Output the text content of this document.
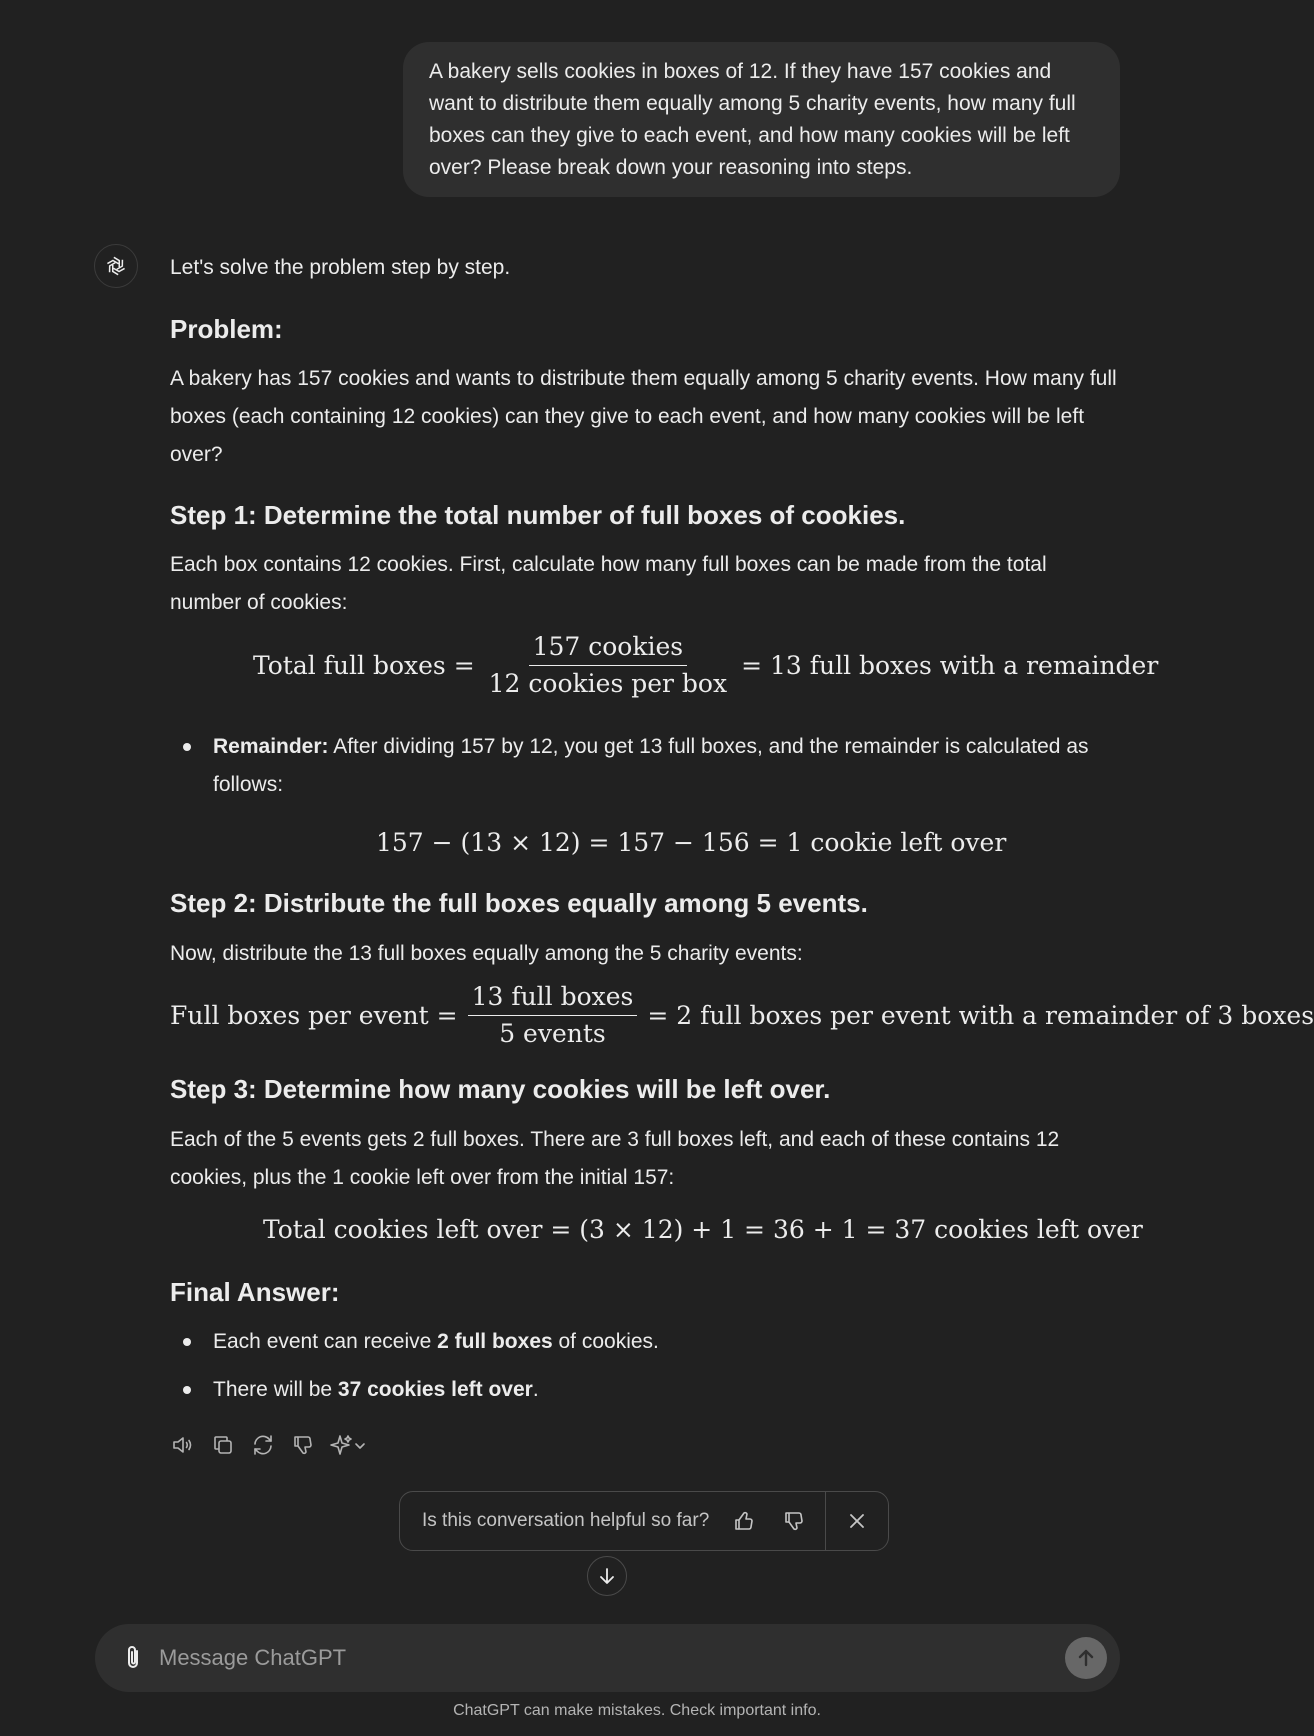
A bakery sells cookies in boxes of 12. If they have 157 cookies and want to distribute them equally among 5 charity events, how many full boxes can they give to each event, and how many cookies will be left over? Please break down your reasoning into steps.
Let's solve the problem step by step.
Problem:
A bakery has 157 cookies and wants to distribute them equally among 5 charity events. How many full boxes (each containing 12 cookies) can they give to each event, and how many cookies will be left over?
Step 1: Determine the total number of full boxes of cookies.
Each box contains 12 cookies. First, calculate how many full boxes can be made from the total number of cookies:
Total full boxes = $\frac{\text{157 cookies}}{\text{12 cookies per box}} = 13$ full boxes with a remainder
Remainder: After dividing 157 by 12, you get 13 full boxes, and the remainder is calculated as follows:
157 − (13 × 12) = 157 − 156 = 1 cookie left over
Step 2: Distribute the full boxes equally among 5 events.
Now, distribute the 13 full boxes equally among the 5 charity events:
Full boxes per event = $\frac{\text{13 full boxes}}{\text{5 events}} = 2$ full boxes per event with a remainder of 3 boxes
Step 3: Determine how many cookies will be left over.
Each of the 5 events gets 2 full boxes. There are 3 full boxes left, and each of these contains 12 cookies, plus the 1 cookie left over from the initial 157:
Total cookies left over = (3 × 12) + 1 = 36 + 1 = 37 cookies left over
Final Answer:
Each event can receive 2 full boxes of cookies.
There will be 37 cookies left over.
Is this conversation helpful so far?
Message ChatGPT
ChatGPT can make mistakes. Check important info.
